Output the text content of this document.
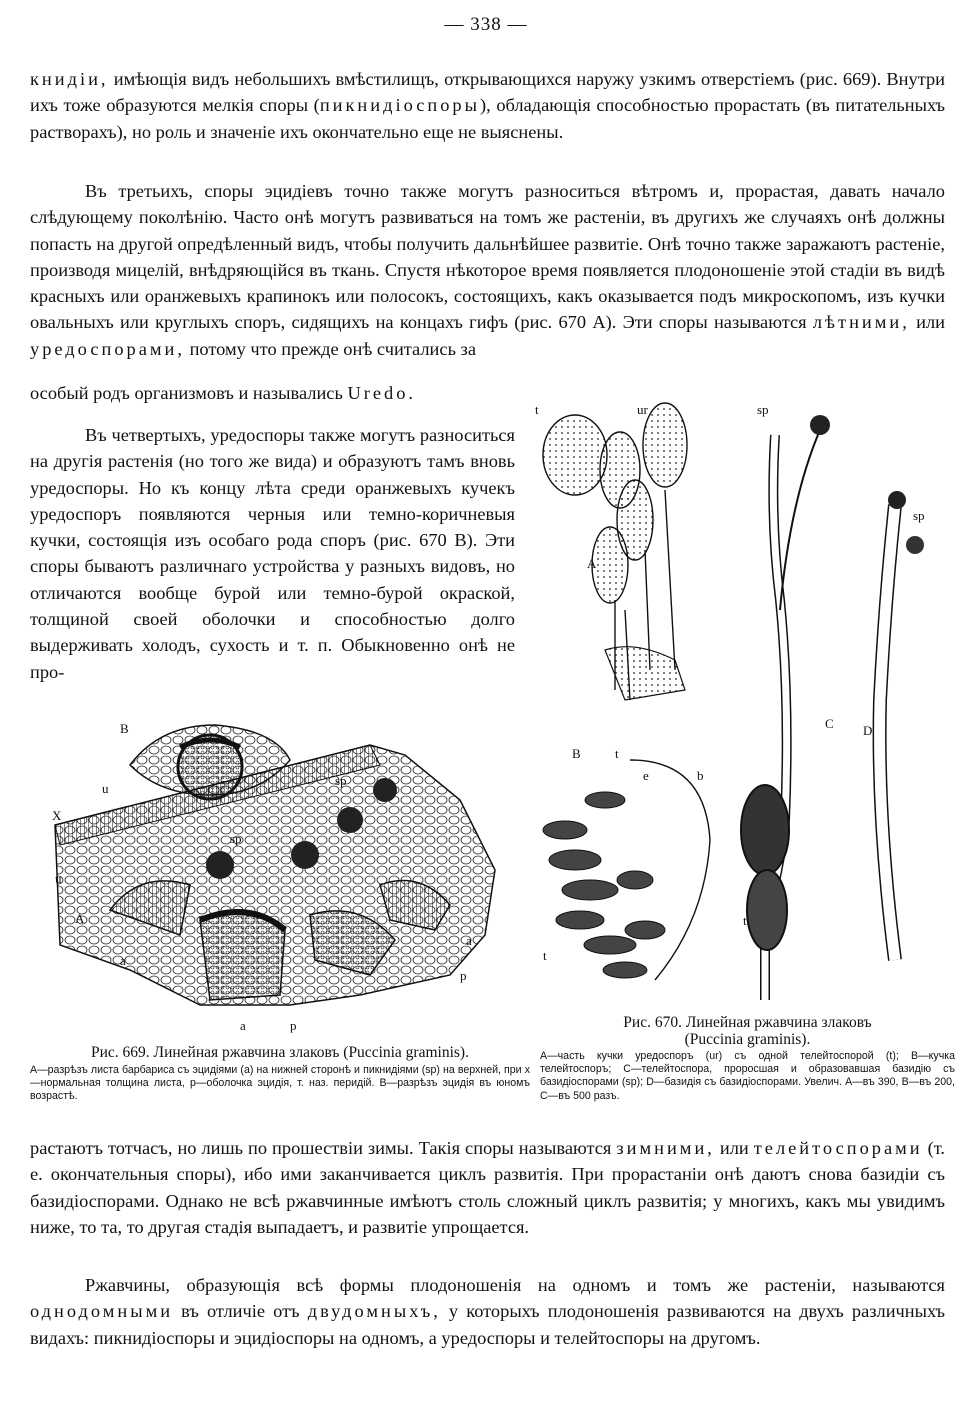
— 338 —

книдіи, имѣющія видъ небольшихъ вмѣстилищъ, открывающихся наружу узкимъ отверстіемъ (рис. 669). Внутри ихъ тоже образуются мелкія споры (пикнидіоспоры), обладающія способностью прорастать (въ питательныхъ растворахъ), но роль и значеніе ихъ окончательно еще не выяснены.

Въ третьихъ, споры эцидіевъ точно также могутъ разноситься вѣтромъ и, прорастая, давать начало слѣдующему поколѣнію. Часто онѣ могутъ развиваться на томъ же растеніи, въ другихъ же случаяхъ онѣ должны попасть на другой опредѣленный видъ, чтобы получить дальнѣйшее развитіе. Онѣ точно также заражаютъ растеніе, производя мицелій, внѣдряющійся въ ткань. Спустя нѣкоторое время появляется плодоношеніе этой стадіи въ видѣ красныхъ или оранжевыхъ крапинокъ или полосокъ, состоящихъ, какъ оказывается подъ микроскопомъ, изъ кучки овальныхъ или круглыхъ споръ, сидящихъ на концахъ гифъ (рис. 670 А). Эти споры называются лѣтними, или уредоспорами, потому что прежде онѣ считались за

особый родъ организмовъ и назывались Uredo.

Въ четвертыхъ, уредоспоры также могутъ разноситься на другія растенія (но того же вида) и образуютъ тамъ вновь уредоспоры. Но къ концу лѣта среди оранжевыхъ кучекъ уредоспоръ появляются черныя или темно-коричневыя кучки, состоящія изъ особаго рода споръ (рис. 670 В). Эти споры бываютъ различнаго устройства у разныхъ видовъ, но отличаются вообще бурой или темно-бурой окраской, толщиной своей оболочки и способностью долго выдерживать холодъ, сухость и т. п. Обыкновенно онѣ не про-

B
u
X
u
A
sp
sp
a
a
a
p
p
Рис. 669. Линейная ржавчина злаковъ (Puccinia graminis).
А—разрѣзъ листа барбариса съ эцидіями (а) на нижней сторонѣ и пикнидіями (sp) на верхней, при x—нормальная толщина листа, p—оболочка эцидія, т. наз. перидій. В—разрѣзъ эцидія въ юномъ возрастѣ.
t	ur
A
sp
sp
C D
B	t
e	b
t
t
Рис. 670. Линейная ржавчина злаковъ
(Puccinia graminis).
А—часть кучки уредоспоръ (ur) съ одной телейтоспорой (t); В—кучка телейтоспоръ; С—телейтоспора, проросшая и образовавшая базидію съ базидіоспорами (sp); D—базидія съ базидіоспорами. Увелич. А—въ 390, В—въ 200, С—въ 500 разъ.

растаютъ тотчасъ, но лишь по прошествіи зимы. Такія споры называются зимними, или телейтоспорами (т. е. окончательныя споры), ибо ими заканчивается циклъ развитія. При прорастаніи онѣ даютъ снова базидіи съ базидіоспорами. Однако не всѣ ржавчинные имѣютъ столь сложный циклъ развитія; у многихъ, какъ мы увидимъ ниже, то та, то другая стадія выпадаетъ, и развитіе упрощается.

Ржавчины, образующія всѣ формы плодоношенія на одномъ и томъ же растеніи, называются однодомными въ отличіе отъ двудомныхъ, у которыхъ плодоношенія развиваются на двухъ различныхъ видахъ: пикнидіоспоры и эцидіоспоры на одномъ, а уредоспоры и телейтоспоры на другомъ.
